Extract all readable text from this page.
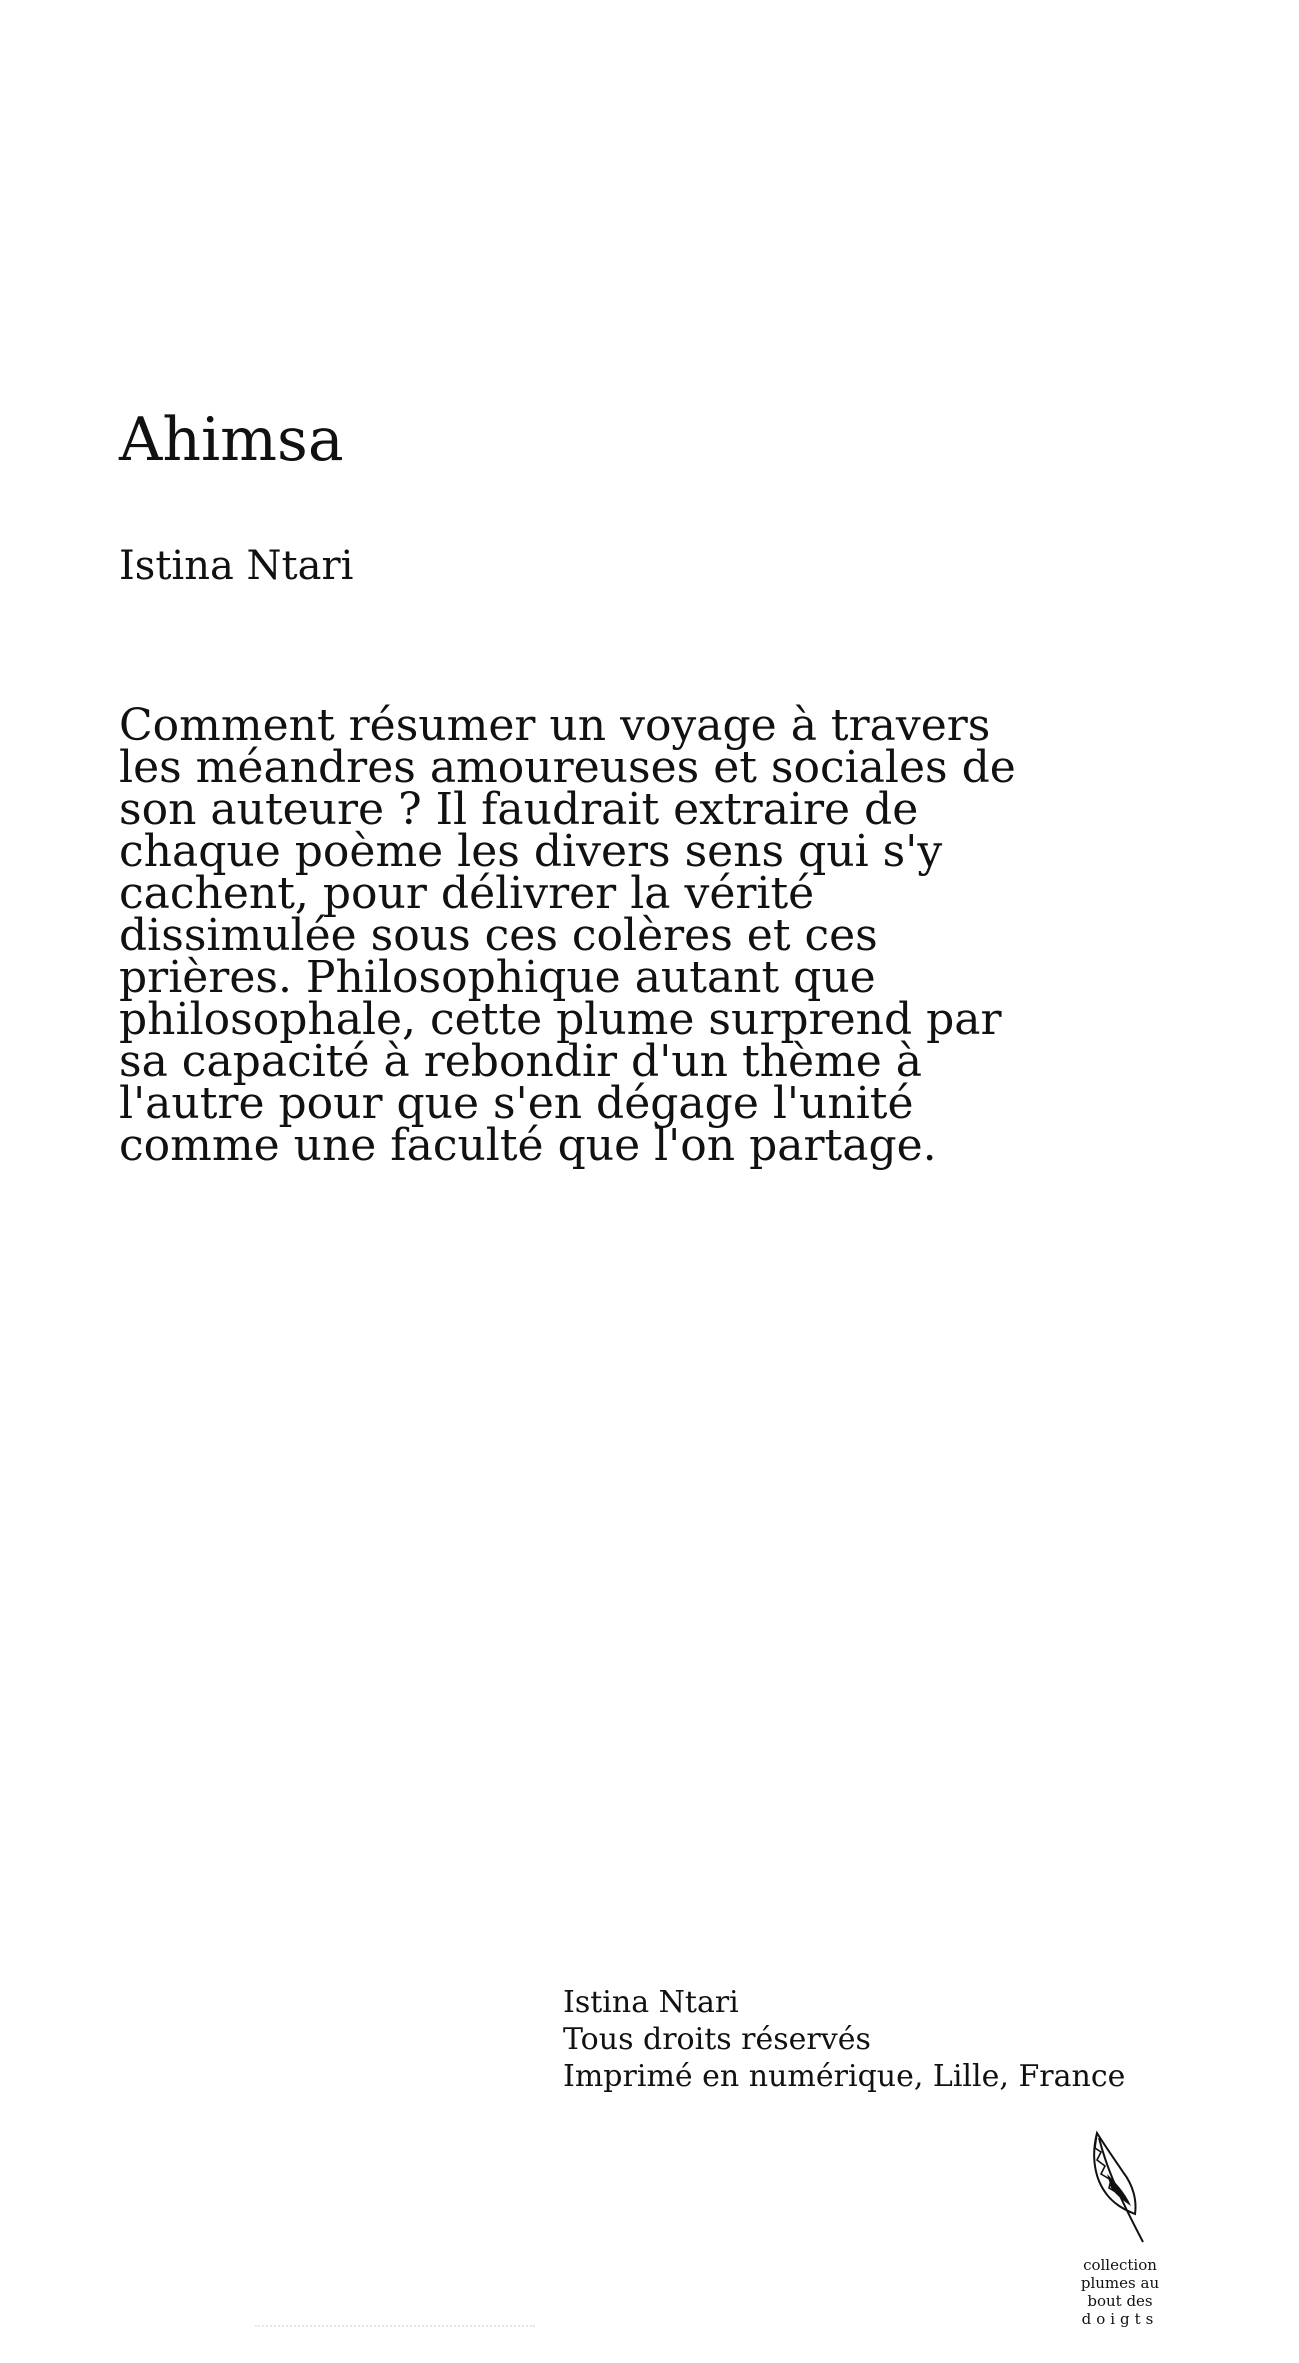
Ahimsa

Istina Ntari

Comment résumer un voyage à travers
les méandres amoureuses et sociales de
son auteure ? Il faudrait extraire de
chaque poème les divers sens qui s'y
cachent, pour délivrer la vérité
dissimulée sous ces colères et ces
prières. Philosophique autant que
philosophale, cette plume surprend par
sa capacité à rebondir d'un thème à
l'autre pour que s'en dégage l'unité
comme une faculté que l'on partage.
Istina Ntari
Tous droits réservés
Imprimé en numérique, Lille, France
collection
plumes au
bout des
doigts
